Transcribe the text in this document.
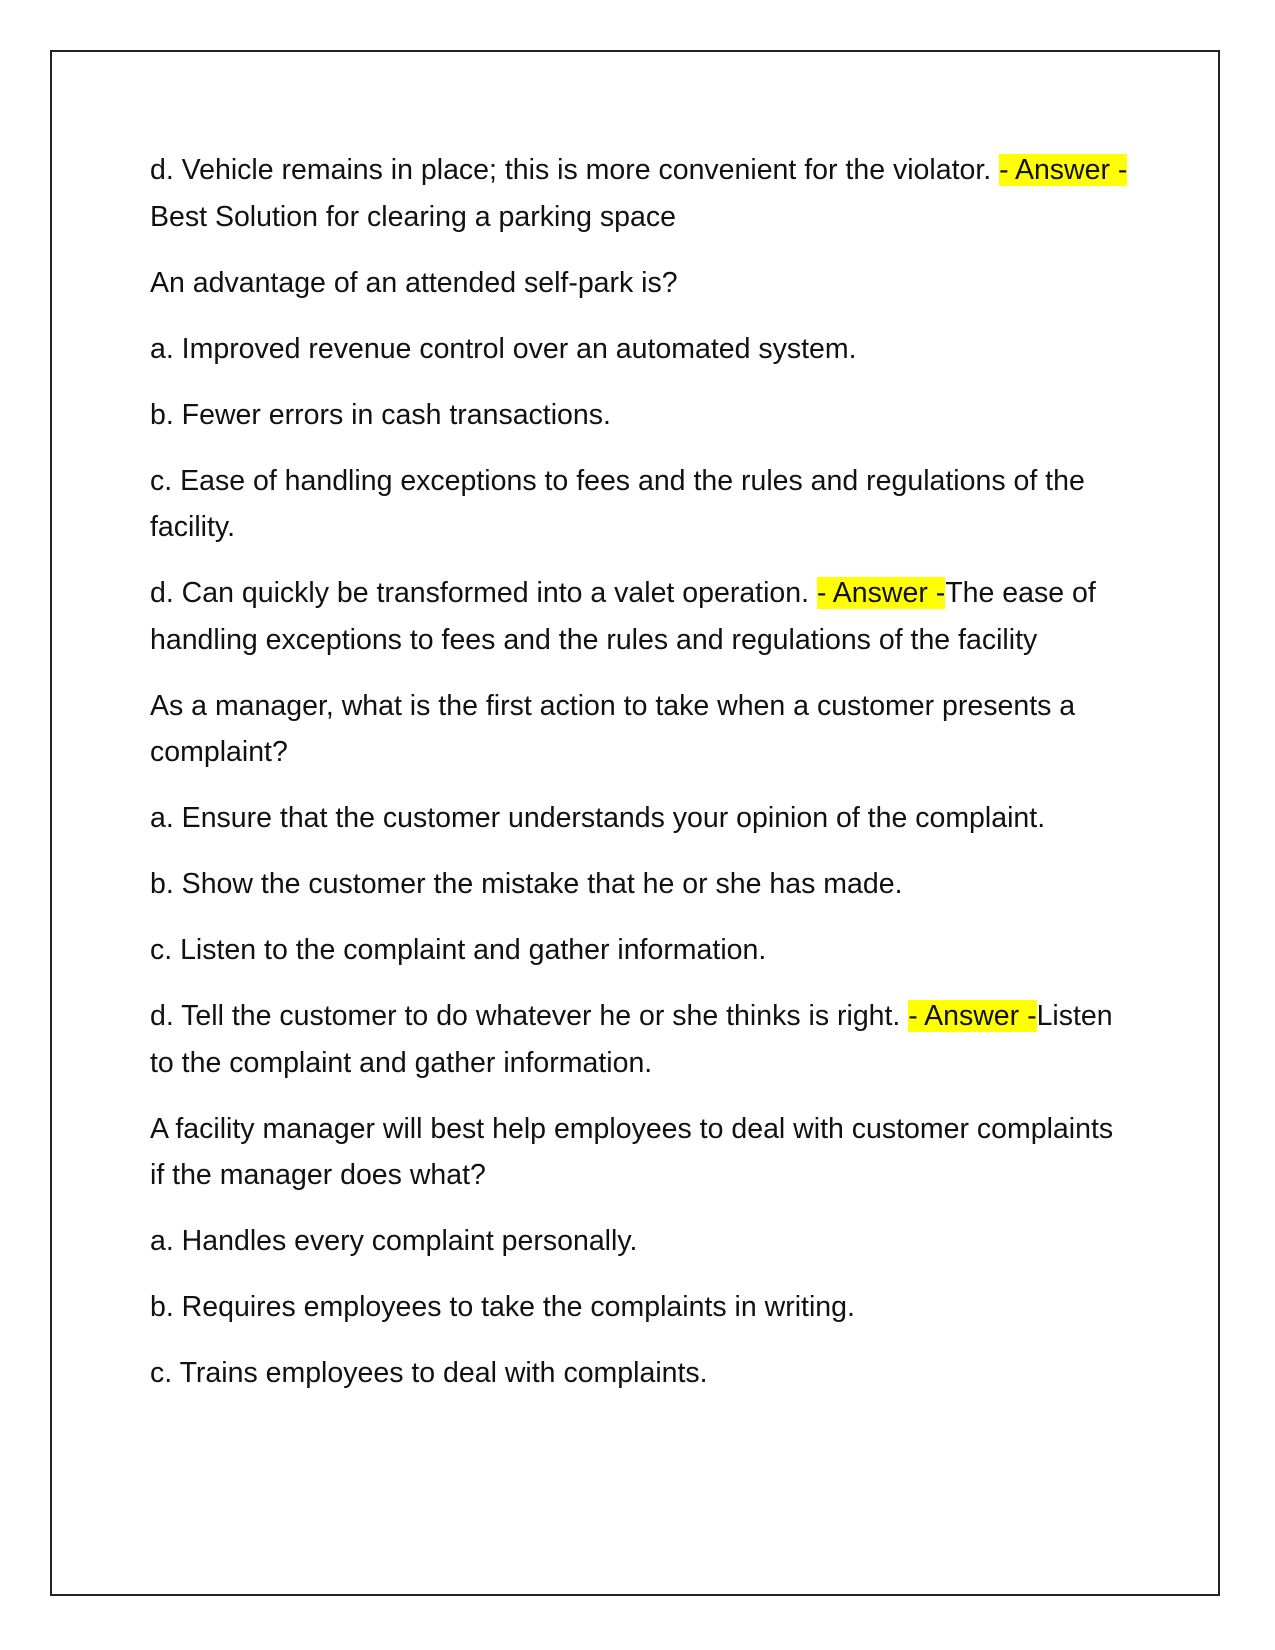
d. Vehicle remains in place; this is more convenient for the violator. - Answer -Best Solution for clearing a parking space

An advantage of an attended self-park is?

a. Improved revenue control over an automated system.

b. Fewer errors in cash transactions.

c. Ease of handling exceptions to fees and the rules and regulations of the facility.

d. Can quickly be transformed into a valet operation. - Answer -The ease of handling exceptions to fees and the rules and regulations of the facility

As a manager, what is the first action to take when a customer presents a complaint?

a. Ensure that the customer understands your opinion of the complaint.

b. Show the customer the mistake that he or she has made.

c. Listen to the complaint and gather information.

d. Tell the customer to do whatever he or she thinks is right. - Answer -Listen to the complaint and gather information.

A facility manager will best help employees to deal with customer complaints if the manager does what?

a. Handles every complaint personally.

b. Requires employees to take the complaints in writing.

c. Trains employees to deal with complaints.
